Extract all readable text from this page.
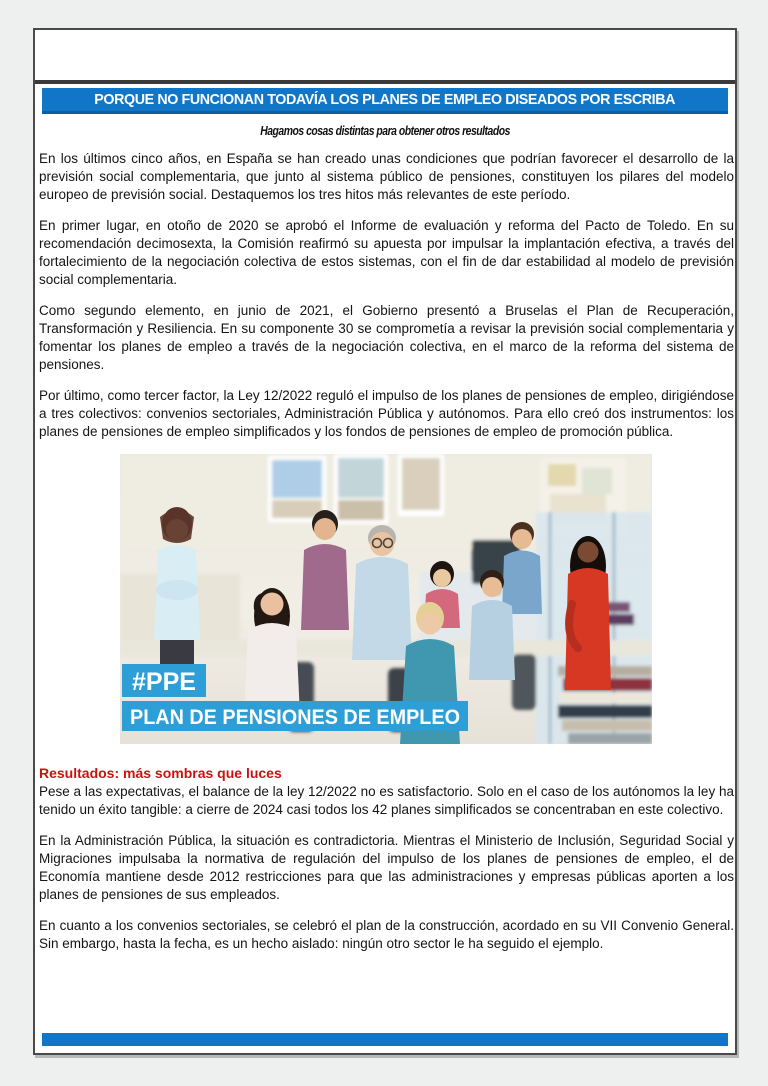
PORQUE NO FUNCIONAN TODAVÍA LOS PLANES DE EMPLEO DISEADOS POR ESCRIBA
Hagamos cosas distintas para obtener otros resultados

En los últimos cinco años, en España se han creado unas condiciones que podrían favorecer el desarrollo de la previsión social complementaria, que junto al sistema público de pensiones, constituyen los pilares del modelo europeo de previsión social. Destaquemos los tres hitos más relevantes de este período.

En primer lugar, en otoño de 2020 se aprobó el Informe de evaluación y reforma del Pacto de Toledo. En su recomendación decimosexta, la Comisión reafirmó su apuesta por impulsar la implantación efectiva, a través del fortalecimiento de la negociación colectiva de estos sistemas, con el fin de dar estabilidad al modelo de previsión social complementaria.

Como segundo elemento, en junio de 2021, el Gobierno presentó a Bruselas el Plan de Recuperación, Transformación y Resiliencia. En su componente 30 se comprometía a revisar la previsión social complementaria y fomentar los planes de empleo a través de la negociación colectiva, en el marco de la reforma del sistema de pensiones.

Por último, como tercer factor, la Ley 12/2022 reguló el impulso de los planes de pensiones de empleo, dirigiéndose a tres colectivos: convenios sectoriales, Administración Pública y autónomos. Para ello creó dos instrumentos: los planes de pensiones de empleo simplificados y los fondos de pensiones de empleo de promoción pública.

#PPE
PLAN DE PENSIONES DE EMPLEO
Resultados: más sombras que luces

Pese a las expectativas, el balance de la ley 12/2022 no es satisfactorio. Solo en el caso de los autónomos la ley ha tenido un éxito tangible: a cierre de 2024 casi todos los 42 planes simplificados se concentraban en este colectivo.

En la Administración Pública, la situación es contradictoria. Mientras el Ministerio de Inclusión, Seguridad Social y Migraciones impulsaba la normativa de regulación del impulso de los planes de pensiones de empleo, el de Economía mantiene desde 2012 restricciones para que las administraciones y empresas públicas aporten a los planes de pensiones de sus empleados.

En cuanto a los convenios sectoriales, se celebró el plan de la construcción, acordado en su VII Convenio General. Sin embargo, hasta la fecha, es un hecho aislado: ningún otro sector le ha seguido el ejemplo.
